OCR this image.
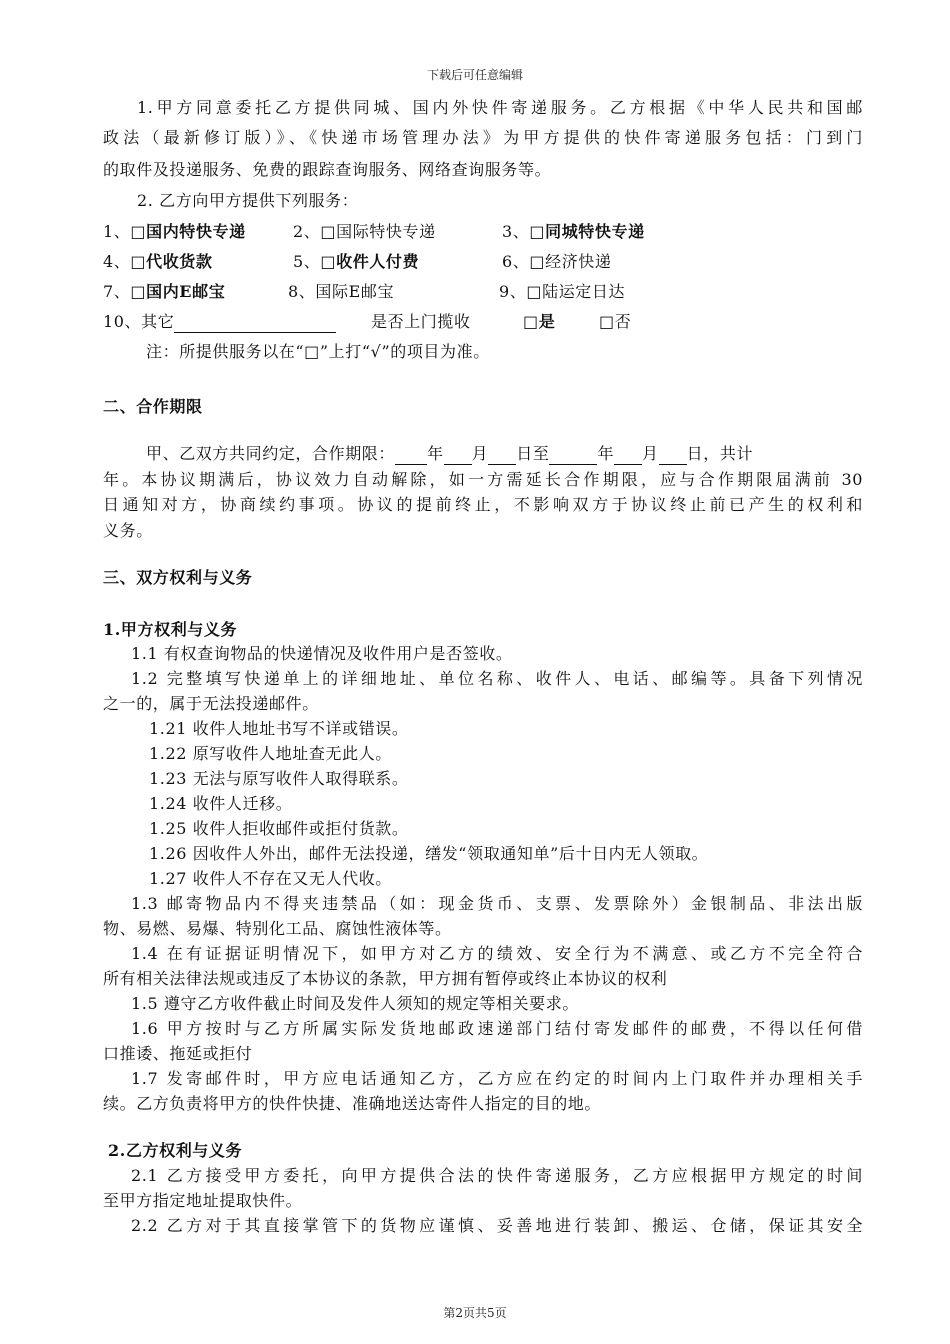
下载后可任意编辑
1.甲方同意委托乙方提供同城、国内外快件寄递服务。乙方根据《中华人民共和国邮
政法（最新修订版）》、《快递市场管理办法》为甲方提供的快件寄递服务包括：门到门
的取件及投递服务、免费的跟踪查询服务、网络查询服务等。
2. 乙方向甲方提供下列服务：
1、□国内特快专递	2、□国际特快专递	3、□同城特快专递
4、□代收货款	5、□收件人付费	6、□经济快递
7、□国内E邮宝	8、国际E邮宝	9、□陆运定日达
10、其它	是否上门揽收	□是	□否
注：所提供服务以在“□”上打“√”的项目为准。
二、合作期限
甲、乙双方共同约定，合作期限： 年 月 日至	年 月 日，共计
年。本协议期满后，协议效力自动解除，如一方需延长合作期限，应与合作期限届满前 30
日通知对方，协商续约事项。协议的提前终止，不影响双方于协议终止前已产生的权利和
义务。
三、双方权利与义务
1.甲方权利与义务
1.1 有权查询物品的快递情况及收件用户是否签收。
1.2 完整填写快递单上的详细地址、单位名称、收件人、电话、邮编等。具备下列情况
之一的，属于无法投递邮件。
1.21 收件人地址书写不详或错误。
1.22 原写收件人地址查无此人。
1.23 无法与原写收件人取得联系。
1.24 收件人迁移。
1.25 收件人拒收邮件或拒付货款。
1.26 因收件人外出，邮件无法投递，缮发“领取通知单”后十日内无人领取。
1.27 收件人不存在又无人代收。
1.3 邮寄物品内不得夹违禁品（如：现金货币、支票、发票除外）金银制品、非法出版
物、易燃、易爆、特别化工品、腐蚀性液体等。
1.4 在有证据证明情况下，如甲方对乙方的绩效、安全行为不满意、或乙方不完全符合
所有相关法律法规或违反了本协议的条款，甲方拥有暂停或终止本协议的权利
1.5 遵守乙方收件截止时间及发件人须知的规定等相关要求。
1.6 甲方按时与乙方所属实际发货地邮政速递部门结付寄发邮件的邮费，不得以任何借
口推诿、拖延或拒付
1.7 发寄邮件时，甲方应电话通知乙方，乙方应在约定的时间内上门取件并办理相关手
续。乙方负责将甲方的快件快捷、准确地送达寄件人指定的目的地。
2.乙方权利与义务
2.1 乙方接受甲方委托，向甲方提供合法的快件寄递服务，乙方应根据甲方规定的时间
至甲方指定地址提取快件。
2.2 乙方对于其直接掌管下的货物应谨慎、妥善地进行装卸、搬运、仓储，保证其安全
第2页共5页
